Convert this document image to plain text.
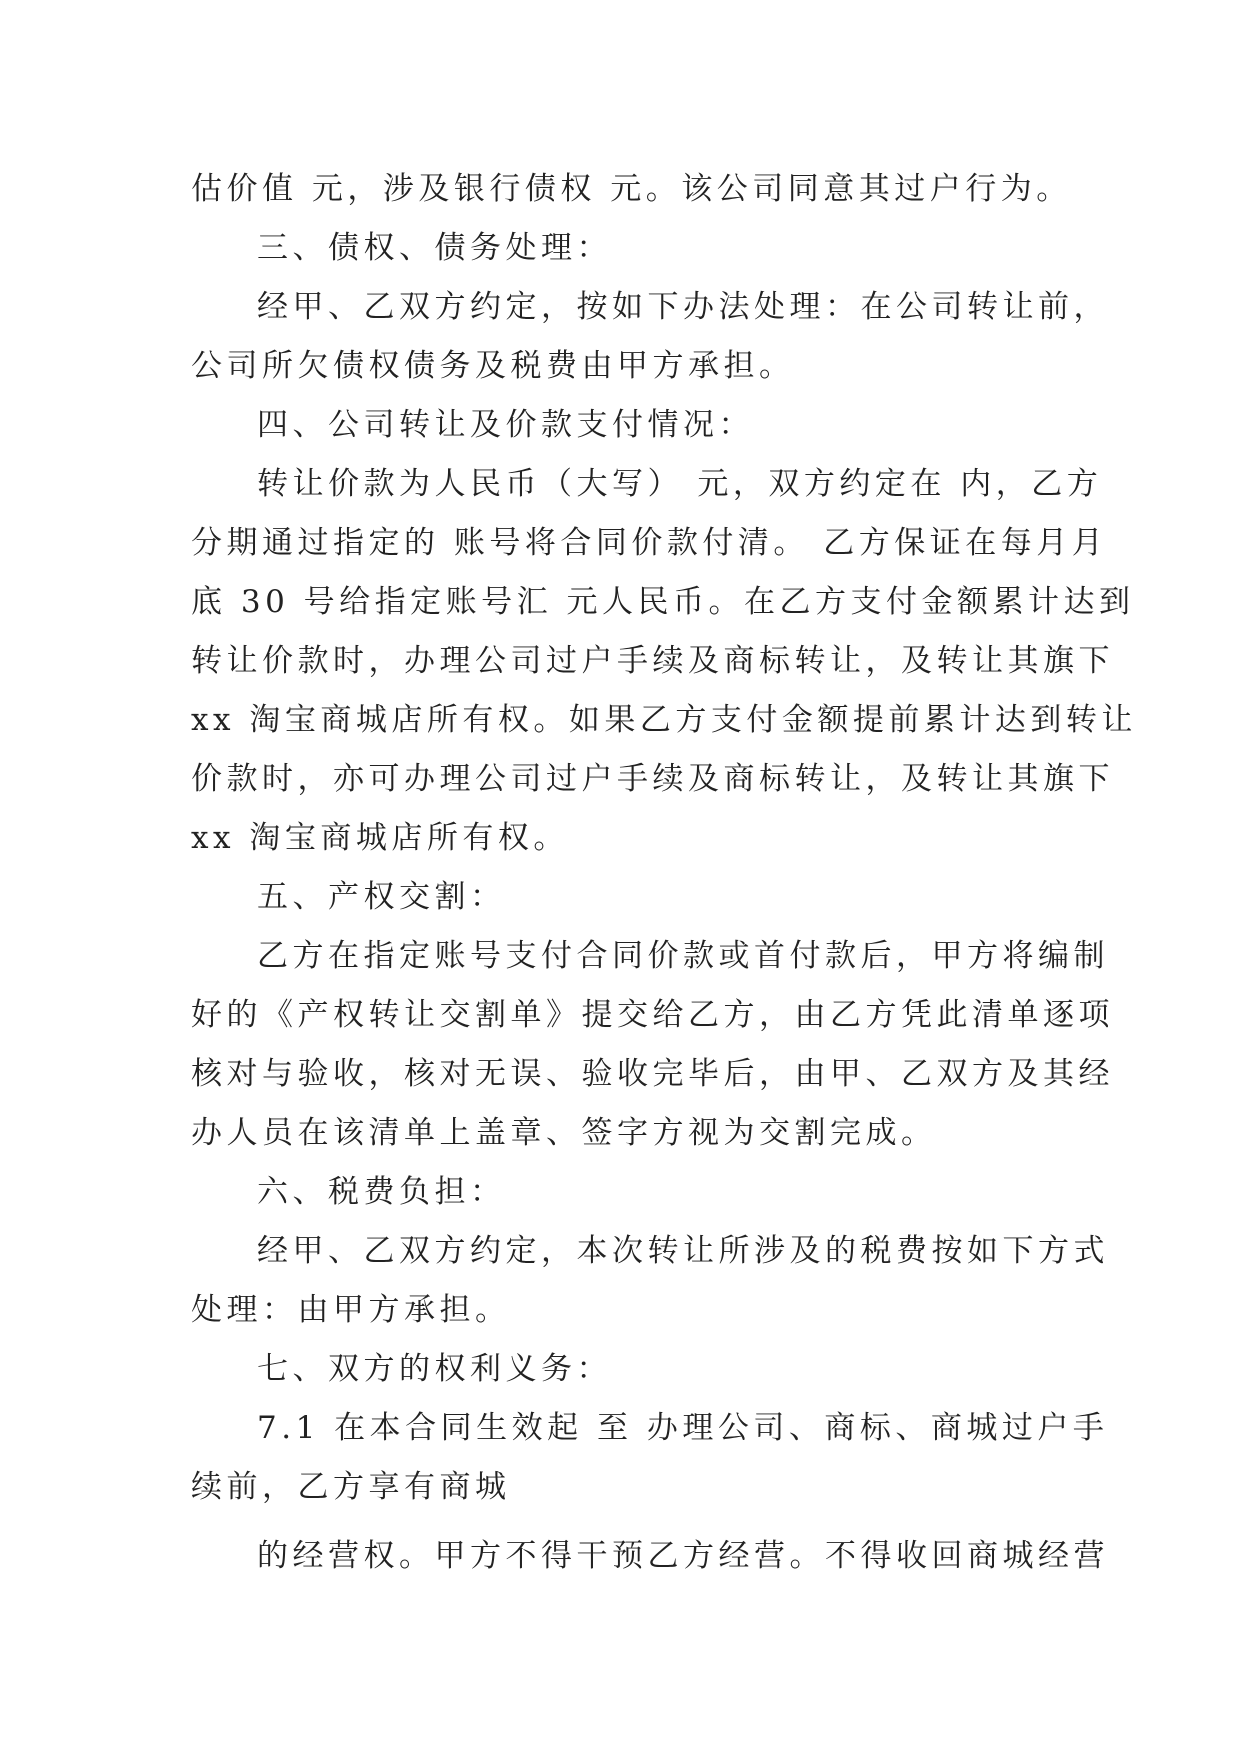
估价值 元，涉及银行债权 元。该公司同意其过户行为。
三、债权、债务处理：
经甲、乙双方约定，按如下办法处理：在公司转让前，
公司所欠债权债务及税费由甲方承担。
四、公司转让及价款支付情况：
转让价款为人民币（大写） 元，双方约定在 内，乙方
分期通过指定的 账号将合同价款付清。 乙方保证在每月月
底 30 号给指定账号汇 元人民币。在乙方支付金额累计达到
转让价款时，办理公司过户手续及商标转让，及转让其旗下
xx 淘宝商城店所有权。如果乙方支付金额提前累计达到转让
价款时，亦可办理公司过户手续及商标转让，及转让其旗下
xx 淘宝商城店所有权。
五、产权交割：
乙方在指定账号支付合同价款或首付款后，甲方将编制
好的《产权转让交割单》提交给乙方，由乙方凭此清单逐项
核对与验收，核对无误、验收完毕后，由甲、乙双方及其经
办人员在该清单上盖章、签字方视为交割完成。
六、税费负担：
经甲、乙双方约定，本次转让所涉及的税费按如下方式
处理：由甲方承担。
七、双方的权利义务：
7.1 在本合同生效起 至 办理公司、商标、商城过户手
续前，乙方享有商城
的经营权。甲方不得干预乙方经营。不得收回商城经营
